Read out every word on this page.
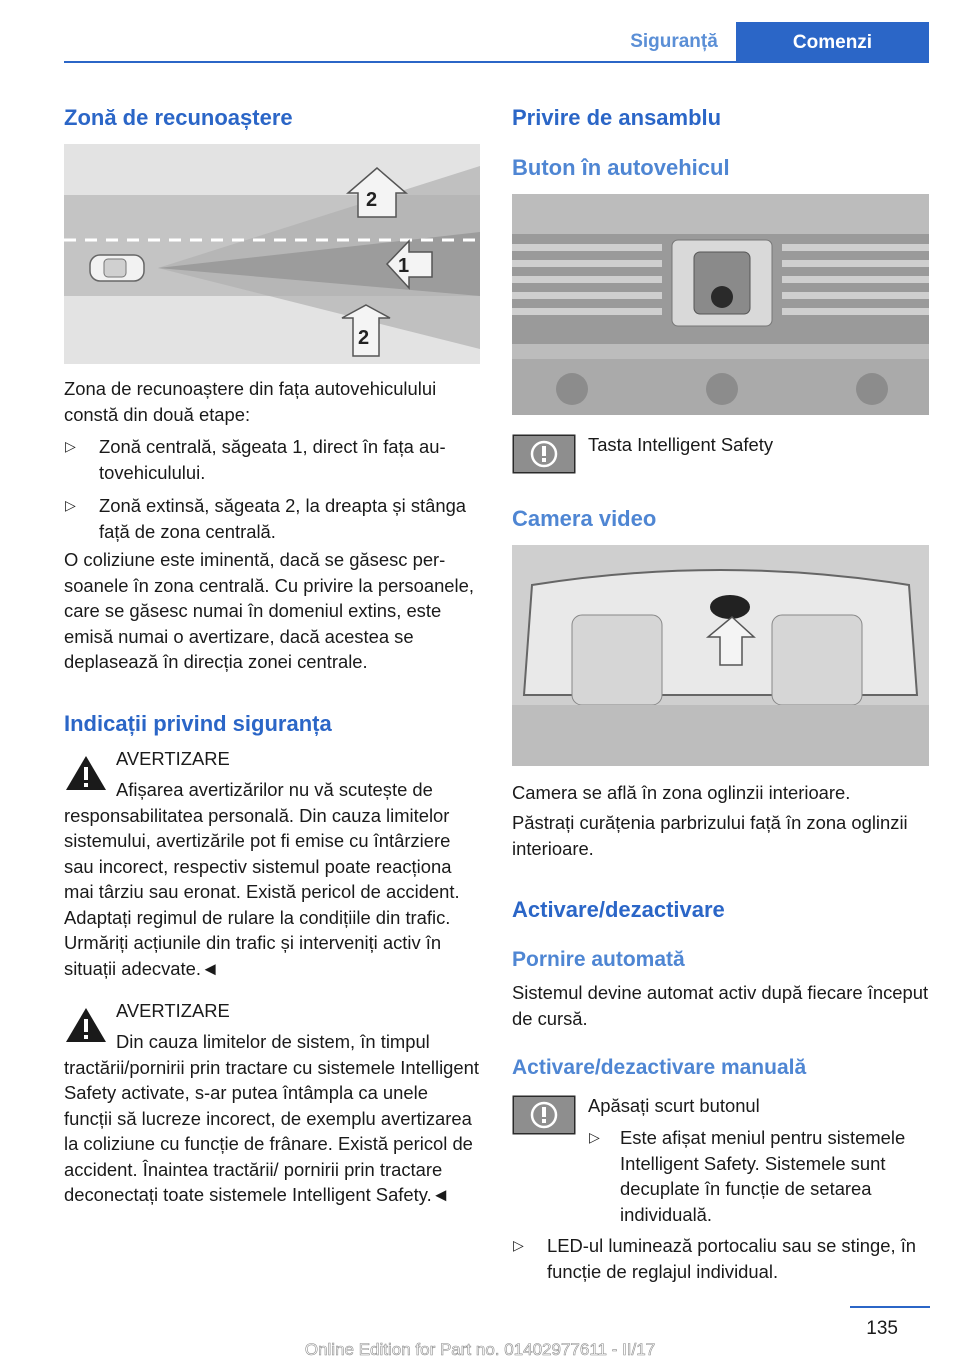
Siguranță	Comenzi
Zonă de recunoaștere
2
1
2
Zona de recunoaștere din fața autovehiculului constă din două etape:
▷ Zonă centrală, săgeata 1, direct în fața autovehiculului.
▷ Zonă extinsă, săgeata 2, la dreapta și stânga față de zona centrală.
O coliziune este iminentă, dacă se găsesc persoanele în zona centrală. Cu privire la persoanele, care se găsesc numai în domeniul extins, este emisă numai o avertizare, dacă acestea se deplasează în direcția zonei centrale.
Indicații privind siguranța
AVERTIZARE
Afișarea avertizărilor nu vă scutește de responsabilitatea personală. Din cauza limitelor sistemului, avertizările pot fi emise cu întârziere sau incorect, respectiv sistemul poate reacționa mai târziu sau eronat. Există pericol de accident. Adaptați regimul de rulare la condițiile din trafic. Urmăriți acțiunile din trafic și interveniți activ în situații adecvate.◄
AVERTIZARE
Din cauza limitelor de sistem, în timpul tractării/pornirii prin tractare cu sistemele Intelligent Safety activate, s-ar putea întâmpla ca unele funcții să lucreze incorect, de exemplu avertizarea la coliziune cu funcție de frânare. Există pericol de accident. Înaintea tractării/ pornirii prin tractare deconectați toate sistemele Intelligent Safety.◄
Privire de ansamblu
Buton în autovehicul
Tasta Intelligent Safety
Camera video
Camera se află în zona oglinzii interioare.
Păstrați curățenia parbrizului față în zona oglinzii interioare.
Activare/dezactivare
Pornire automată
Sistemul devine automat activ după fiecare început de cursă.
Activare/dezactivare manuală
Apăsați scurt butonul
▷ Este afișat meniul pentru sistemele Intelligent Safety. Sistemele sunt decuplate în funcție de setarea individuală.
▷ LED-ul luminează portocaliu sau se stinge, în funcție de reglajul individual.
135
Online Edition for Part no. 01402977611 - II/17
